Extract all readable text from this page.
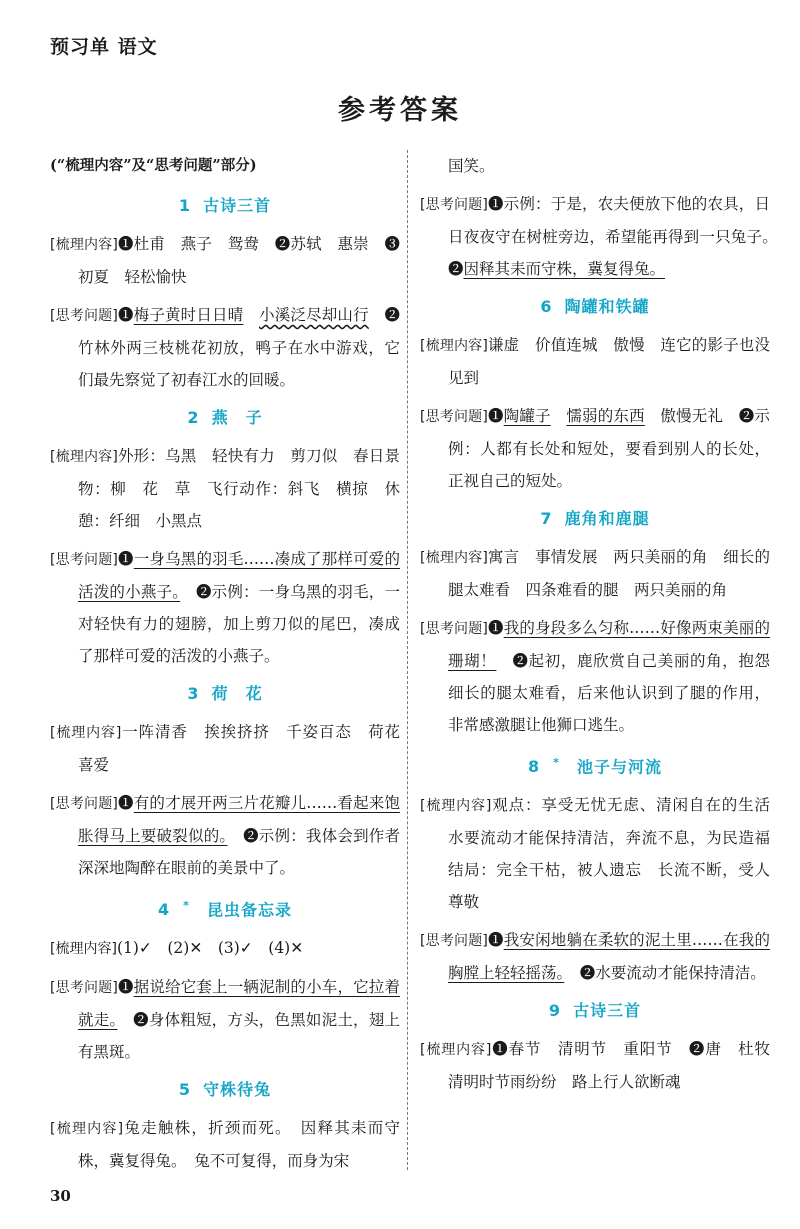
预习单 语文
参考答案

(“梳理内容”及“思考问题”部分)

1 古诗三首

[梳理内容]❶杜甫　燕子　鸳鸯　❷苏轼　惠崇　❸初夏　轻松愉快

[思考问题]❶梅子黄时日日晴　 小溪泛尽却山行　❷竹林外两三枝桃花初放，鸭子在水中游戏，它们最先察觉了初春江水的回暖。

2 燕　子

[梳理内容]外形：乌黑　轻快有力　剪刀似　春日景物：柳　花　草　飞行动作：斜飞　横掠　休憩：纤细　小黑点

[思考问题]❶一身乌黑的羽毛……凑成了那样可爱的活泼的小燕子。　❷示例：一身乌黑的羽毛，一对轻快有力的翅膀，加上剪刀似的尾巴，凑成了那样可爱的活泼的小燕子。

3 荷　花

[梳理内容]一阵清香　挨挨挤挤　千姿百态　荷花　喜爱

[思考问题]❶有的才展开两三片花瓣儿……看起来饱胀得马上要破裂似的。　❷示例：我体会到作者深深地陶醉在眼前的美景中了。

4 *　 昆虫备忘录

[梳理内容](1)✓　(2)✕　(3)✓　(4)✕

[思考问题]❶据说给它套上一辆泥制的小车，它拉着就走。　❷身体粗短，方头，色黑如泥土，翅上有黑斑。

5 守株待兔

[梳理内容]兔走触株，折颈而死。　因释其耒而守株，冀复得兔。　兔不可复得，而身为宋

国笑。

[思考问题]❶示例：于是，农夫便放下他的农具，日日夜夜守在树桩旁边，希望能再得到一只兔子。　❷因释其耒而守株，冀复得兔。

6 陶罐和铁罐

[梳理内容]谦虚　价值连城　傲慢　连它的影子也没见到

[思考问题]❶陶罐子　 懦弱的东西　傲慢无礼　❷示例：人都有长处和短处，要看到别人的长处，正视自己的短处。

7 鹿角和鹿腿

[梳理内容]寓言　事情发展　两只美丽的角　细长的腿太难看　四条难看的腿　两只美丽的角

[思考问题]❶我的身段多么匀称……好像两束美丽的珊瑚！　❷起初，鹿欣赏自己美丽的角，抱怨细长的腿太难看，后来他认识到了腿的作用，非常感激腿让他狮口逃生。

8 *　 池子与河流

[梳理内容]观点：享受无忧无虑、清闲自在的生活　水要流动才能保持清洁，奔流不息，为民造福　结局：完全干枯，被人遗忘　长流不断，受人尊敬

[思考问题]❶我安闲地躺在柔软的泥土里……在我的胸膛上轻轻摇荡。　❷水要流动才能保持清洁。

9 古诗三首

[梳理内容]❶春节　清明节　重阳节　❷唐　杜牧　清明时节雨纷纷　路上行人欲断魂

30
